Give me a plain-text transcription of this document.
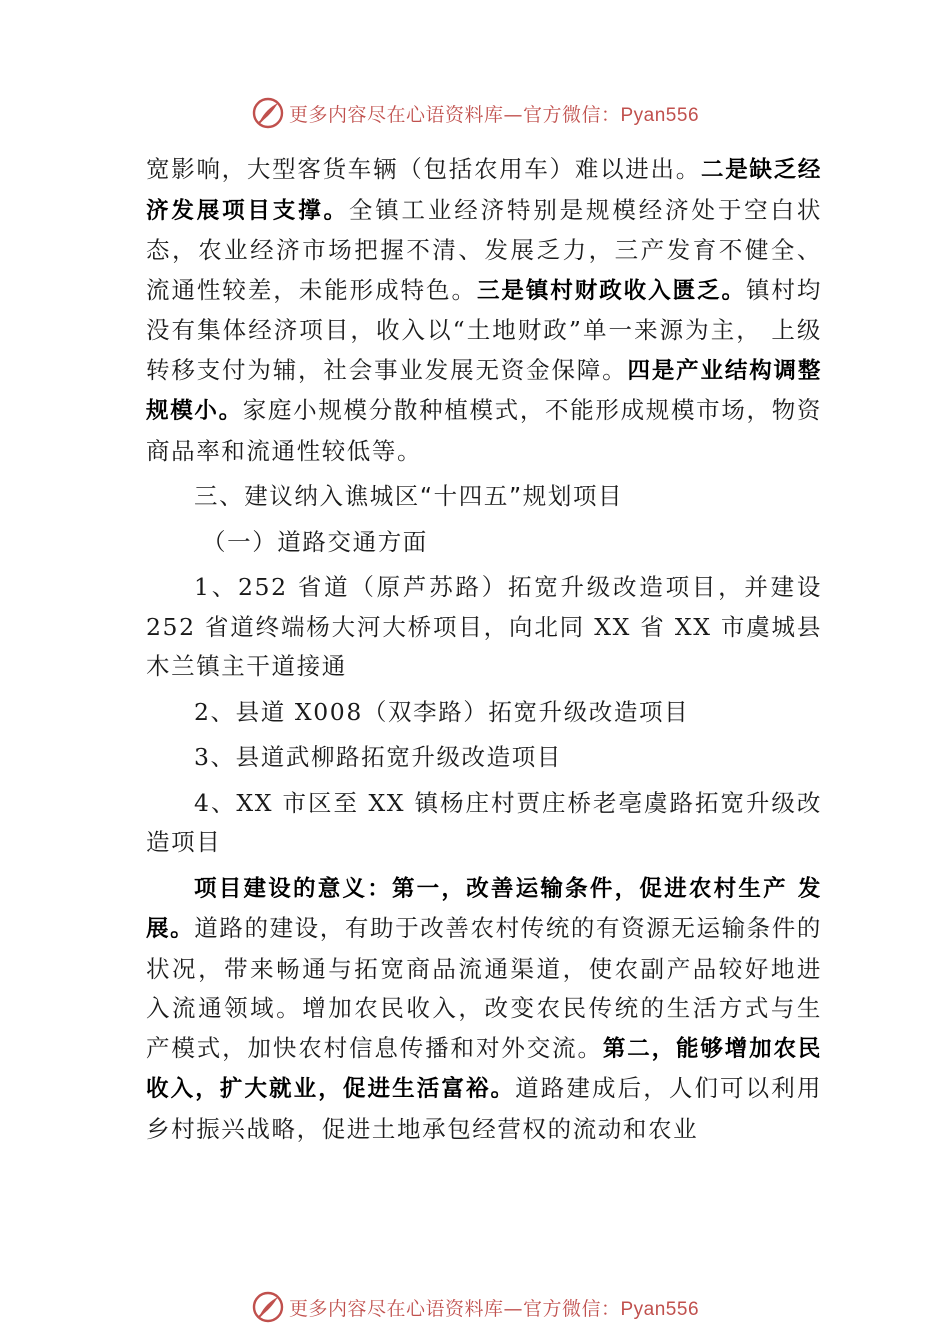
更多内容尽在心语资料库—官方微信：Pyan556

宽影响，大型客货车辆（包括农用车）难以进出。二是缺乏经济发展项目支撑。全镇工业经济特别是规模经济处于空白状态，农业经济市场把握不清、发展乏力，三产发育不健全、流通性较差，未能形成特色。三是镇村财政收入匮乏。镇村均没有集体经济项目，收入以“土地财政”单一来源为主， 上级转移支付为辅，社会事业发展无资金保障。四是产业结构调整规模小。家庭小规模分散种植模式，不能形成规模市场，物资商品率和流通性较低等。

三、建议纳入谯城区“十四五”规划项目

（一）道路交通方面

1、252 省道（原芦苏路）拓宽升级改造项目，并建设 252 省道终端杨大河大桥项目，向北同 XX 省 XX 市虞城县木兰镇主干道接通

2、县道 X008（双李路）拓宽升级改造项目

3、县道武柳路拓宽升级改造项目

4、XX 市区至 XX 镇杨庄村贾庄桥老亳虞路拓宽升级改造项目

项目建设的意义：第一，改善运输条件，促进农村生产 发展。道路的建设，有助于改善农村传统的有资源无运输条件的状况，带来畅通与拓宽商品流通渠道，使农副产品较好地进入流通领域。增加农民收入，改变农民传统的生活方式与生产模式，加快农村信息传播和对外交流。第二，能够增加农民收入，扩大就业，促进生活富裕。道路建成后，人们可以利用乡村振兴战略，促进土地承包经营权的流动和农业

更多内容尽在心语资料库—官方微信：Pyan556
